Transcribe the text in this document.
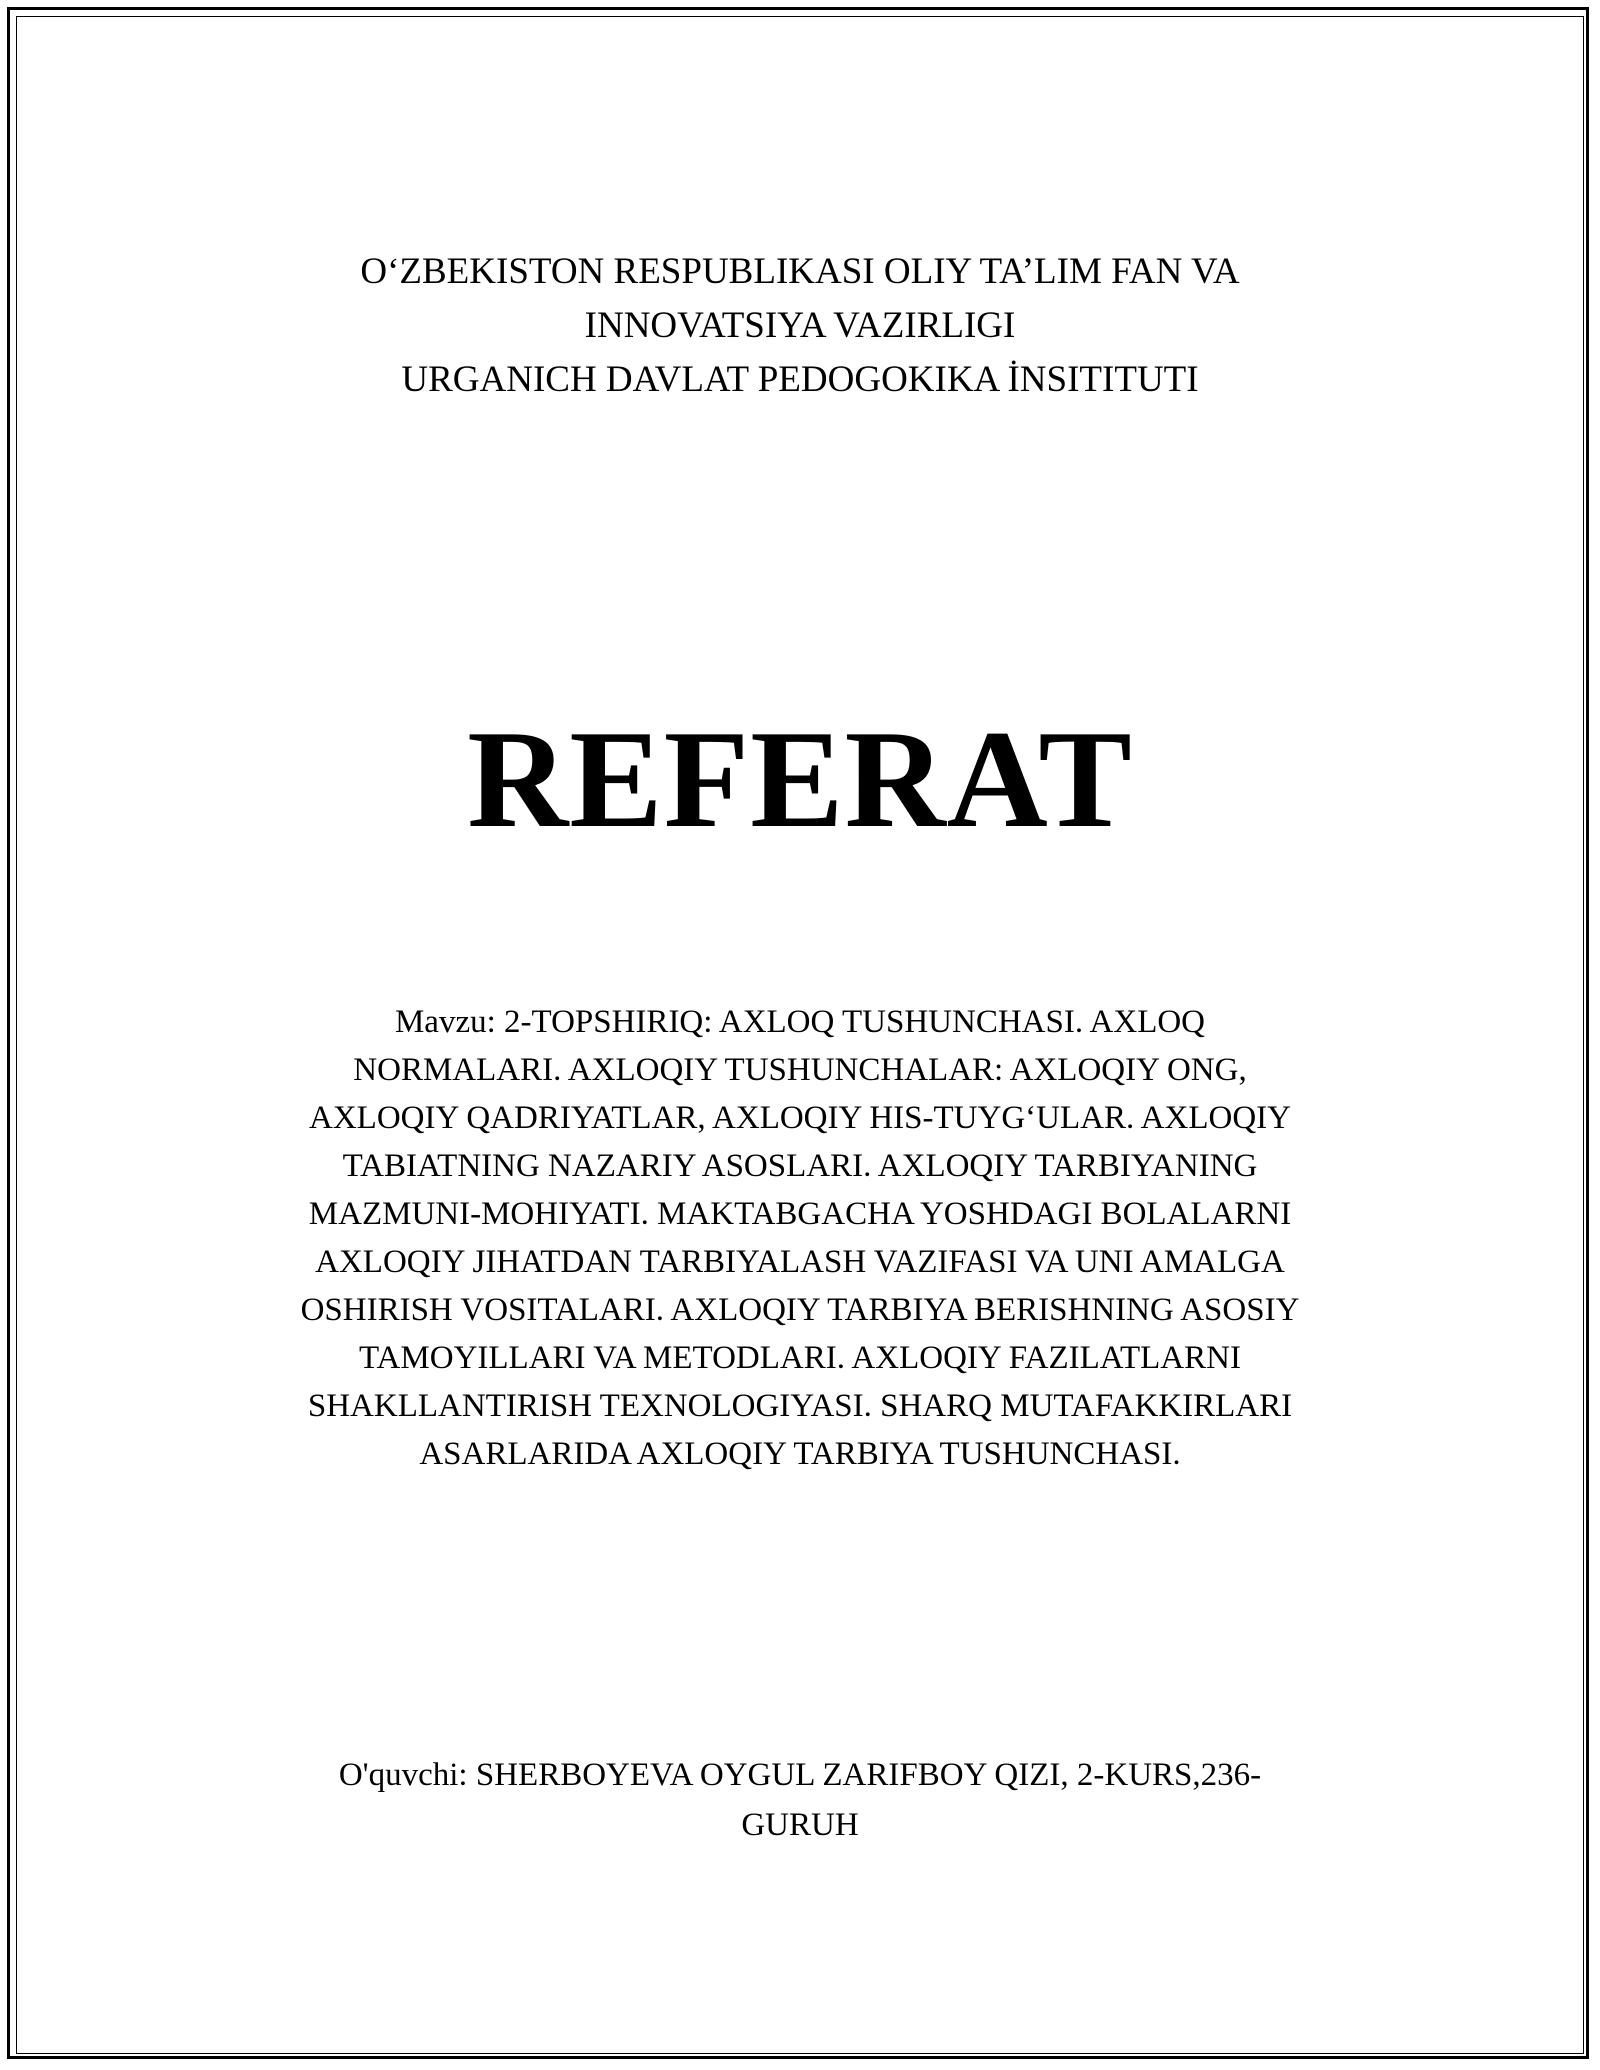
O‘ZBEKISTON RESPUBLIKASI OLIY TA’LIM FAN VA
INNOVATSIYA VAZIRLIGI
URGANICH DAVLAT PEDOGOKIKA İNSITITUTI
REFERAT
Mavzu: 2-TOPSHIRIQ: AXLOQ TUSHUNCHASI. AXLOQ
NORMALARI. AXLOQIY TUSHUNCHALAR: AXLOQIY ONG,
AXLOQIY QADRIYATLAR, AXLOQIY HIS-TUYG‘ULAR. AXLOQIY
TABIATNING NAZARIY ASOSLARI. AXLOQIY TARBIYANING
MAZMUNI-MOHIYATI. MAKTABGACHA YOSHDAGI BOLALARNI
AXLOQIY JIHATDAN TARBIYALASH VAZIFASI VA UNI AMALGA
OSHIRISH VOSITALARI. AXLOQIY TARBIYA BERISHNING ASOSIY
TAMOYILLARI VA METODLARI. AXLOQIY FAZILATLARNI
SHAKLLANTIRISH TEXNOLOGIYASI. SHARQ MUTAFAKKIRLARI
ASARLARIDA AXLOQIY TARBIYA TUSHUNCHASI.
O'quvchi: SHERBOYEVA OYGUL ZARIFBOY QIZI, 2-KURS,236-
GURUH
